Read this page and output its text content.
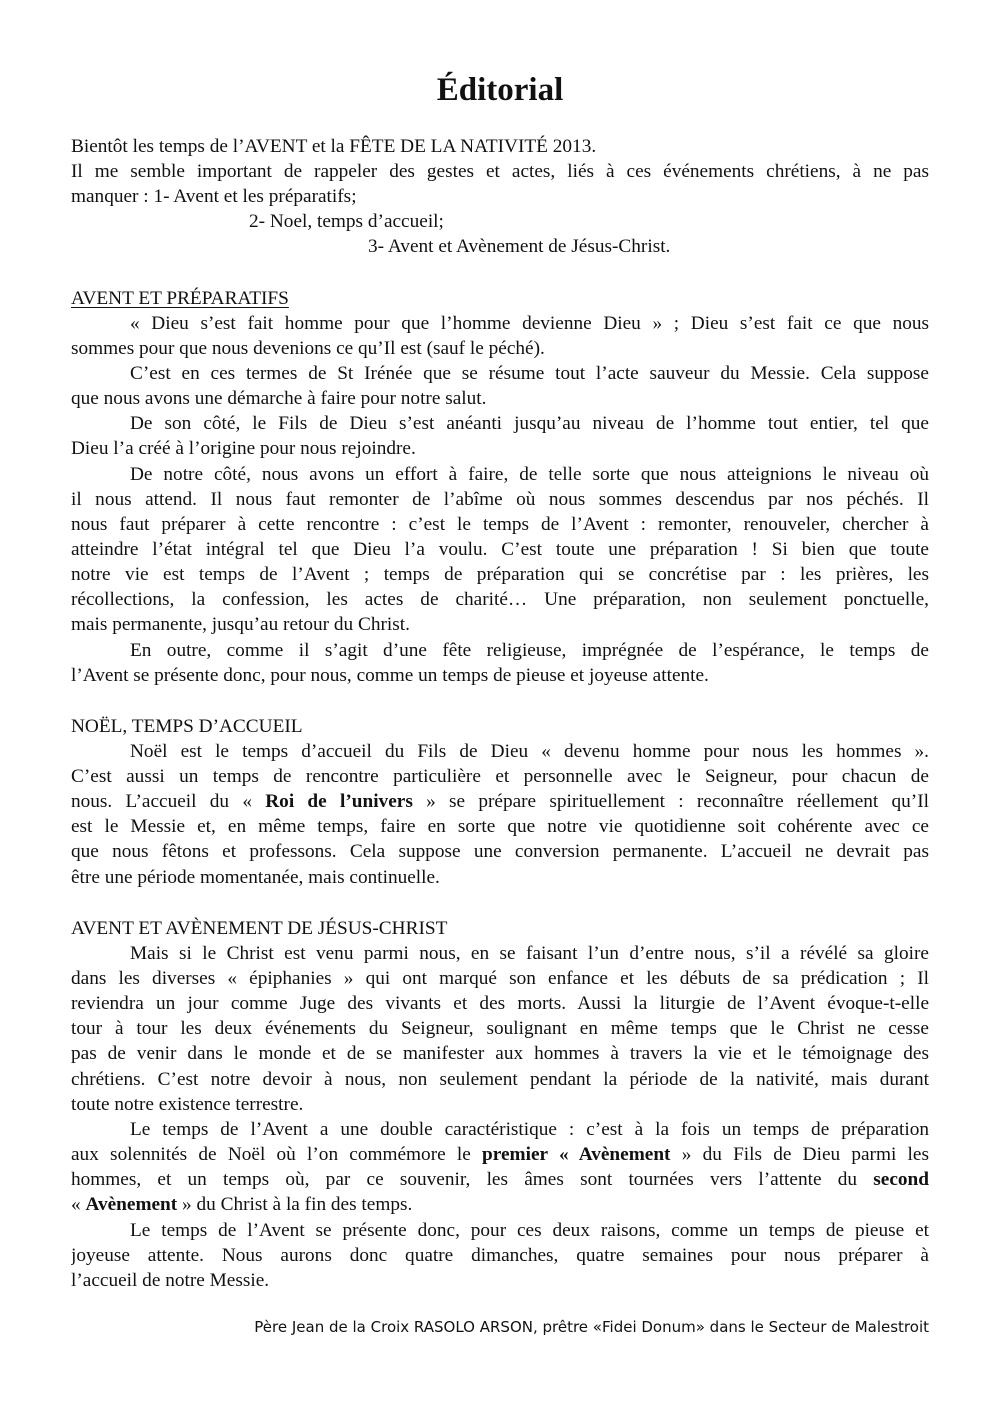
Éditorial

Bientôt les temps de l’AVENT et la FÊTE DE LA NATIVITÉ 2013.

Il me semble important de rappeler des gestes et actes, liés à ces événements chrétiens, à ne pas

manquer : 1- Avent et les préparatifs;

2- Noel, temps d’accueil;

3- Avent et Avènement de Jésus-Christ.

AVENT ET PRÉPARATIFS

« Dieu s’est fait homme pour que l’homme devienne Dieu » ; Dieu s’est fait ce que nous

sommes pour que nous devenions ce qu’Il est (sauf le péché).

C’est en ces termes de St Irénée que se résume tout l’acte sauveur du Messie. Cela suppose

que nous avons une démarche à faire pour notre salut.

De son côté, le Fils de Dieu s’est anéanti jusqu’au niveau de l’homme tout entier, tel que

Dieu l’a créé à l’origine pour nous rejoindre.

De notre côté, nous avons un effort à faire, de telle sorte que nous atteignions le niveau où

il nous attend. Il nous faut remonter de l’abîme où nous sommes descendus par nos péchés. Il

nous faut préparer à cette rencontre : c’est le temps de l’Avent : remonter, renouveler, chercher à

atteindre l’état intégral tel que Dieu l’a voulu. C’est toute une préparation ! Si bien que toute

notre vie est temps de l’Avent ; temps de préparation qui se concrétise par : les prières, les

récollections, la confession, les actes de charité… Une préparation, non seulement ponctuelle,

mais permanente, jusqu’au retour du Christ.

En outre, comme il s’agit d’une fête religieuse, imprégnée de l’espérance, le temps de

l’Avent se présente donc, pour nous, comme un temps de pieuse et joyeuse attente.

NOËL, TEMPS D’ACCUEIL

Noël est le temps d’accueil du Fils de Dieu « devenu homme pour nous les hommes ».

C’est aussi un temps de rencontre particulière et personnelle avec le Seigneur, pour chacun de

nous. L’accueil du « Roi de l’univers » se prépare spirituellement : reconnaître réellement qu’Il

est le Messie et, en même temps, faire en sorte que notre vie quotidienne soit cohérente avec ce

que nous fêtons et professons. Cela suppose une conversion permanente. L’accueil ne devrait pas

être une période momentanée, mais continuelle.

AVENT ET AVÈNEMENT DE JÉSUS-CHRIST

Mais si le Christ est venu parmi nous, en se faisant l’un d’entre nous, s’il a révélé sa gloire

dans les diverses « épiphanies » qui ont marqué son enfance et les débuts de sa prédication ; Il

reviendra un jour comme Juge des vivants et des morts. Aussi la liturgie de l’Avent évoque-t-elle

tour à tour les deux événements du Seigneur, soulignant en même temps que le Christ ne cesse

pas de venir dans le monde et de se manifester aux hommes à travers la vie et le témoignage des

chrétiens. C’est notre devoir à nous, non seulement pendant la période de la nativité, mais durant

toute notre existence terrestre.

Le temps de l’Avent a une double caractéristique : c’est à la fois un temps de préparation

aux solennités de Noël où l’on commémore le premier « Avènement » du Fils de Dieu parmi les

hommes, et un temps où, par ce souvenir, les âmes sont tournées vers l’attente du second

« Avènement » du Christ à la fin des temps.

Le temps de l’Avent se présente donc, pour ces deux raisons, comme un temps de pieuse et

joyeuse attente. Nous aurons donc quatre dimanches, quatre semaines pour nous préparer à

l’accueil de notre Messie.

Père Jean de la Croix RASOLO ARSON, prêtre «Fidei Donum» dans le Secteur de Malestroit
